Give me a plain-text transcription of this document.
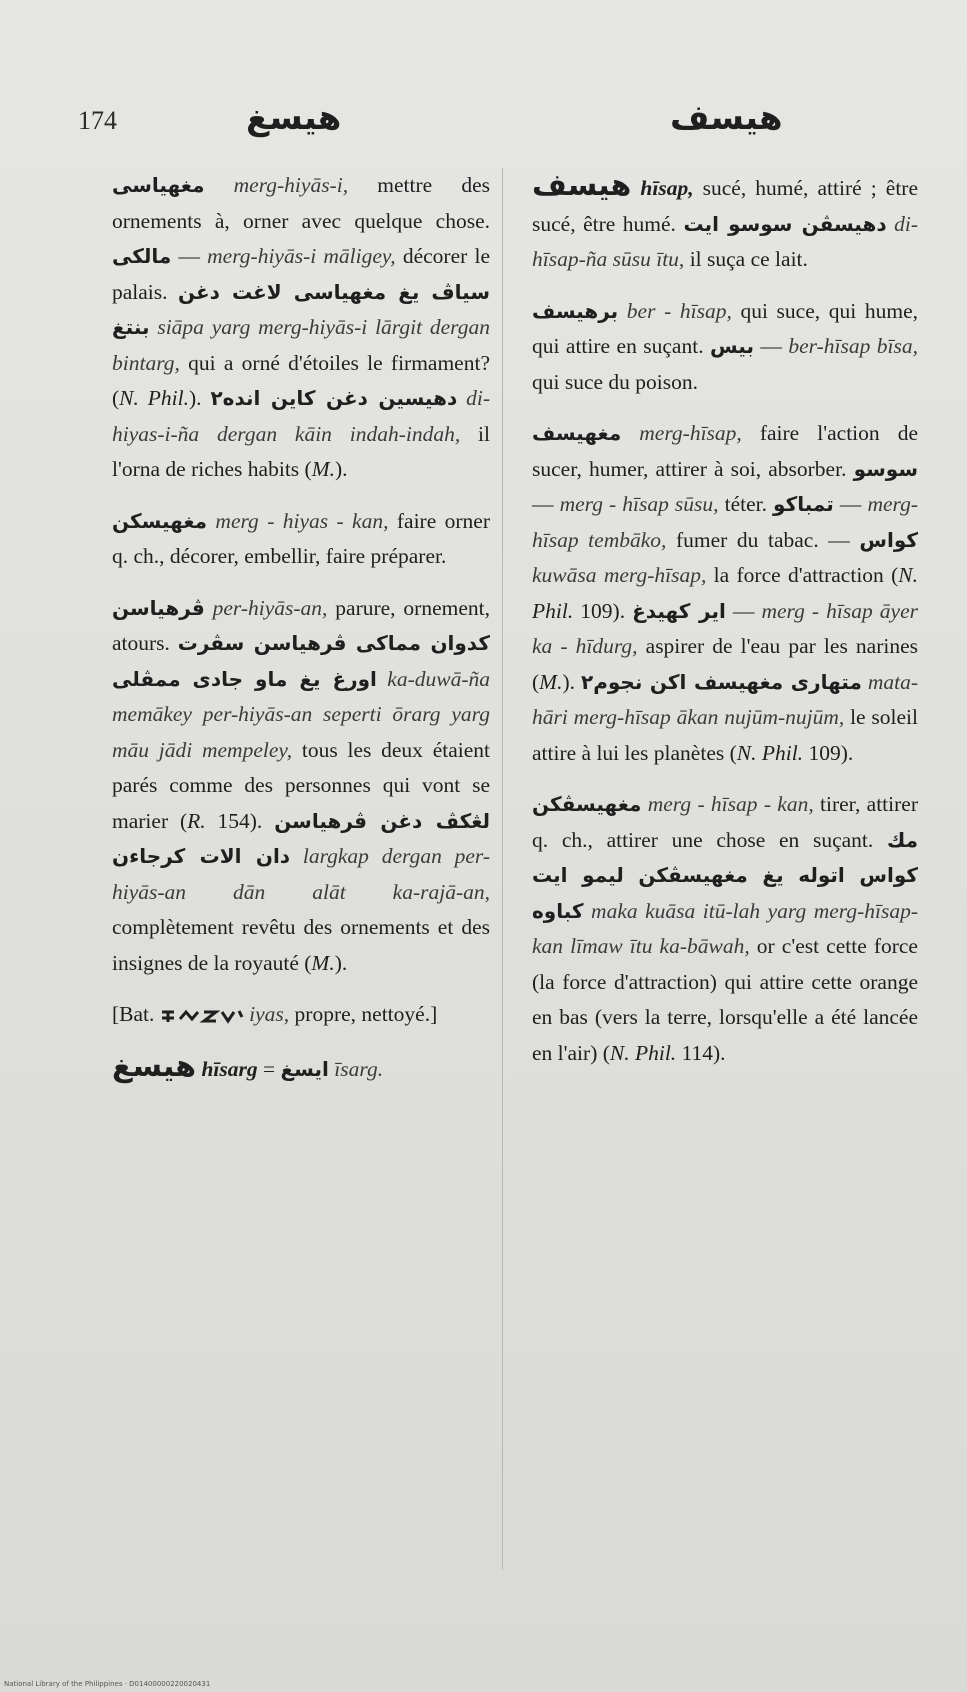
174	هيسغ	هيسف

مغهياسى merg-hiyās-i, mettre des ornements à, orner avec quelque chose. مالكى — merg-hiyās-i māligey, décorer le palais. سياڤ يغ مغهياسى لاغت دغن بنتغ siāpa yarg merg-hiyās-i lārgit dergan bintarg, qui a orné d'étoiles le firmament? (N. Phil.). دهيسين دغن كاين انده٢ di-hiyas-i-ña dergan kāin indah-indah, il l'orna de riches habits (M.).

مغهيسكن merg - hiyas - kan, faire orner q. ch., décorer, embellir, faire préparer.

ڤرهياسن per-hiyās-an, parure, ornement, atours. كدوان مماكى ڤرهياسن سڤرت اورغ يغ ماو جادى ممڤلى ka-duwā-ña memākey per-hiyās-an seperti ōrarg yarg māu jādi mempeley, tous les deux étaient parés comme des personnes qui vont se marier (R. 154). لڠكڤ دغن ڤرهياسن دان الات كرجاءن largkap dergan per-hiyās-an dān alāt ka-rajā-an, complètement revêtu des ornements et des insignes de la royauté (M.).

[Bat.	iyas, propre, nettoyé.]

هيسغ hīsarg = ايسغ īsarg.

هيسف hīsap, sucé, humé, attiré ; être sucé, être humé. دهيسڤن سوسو ايت di-hīsap-ña sūsu ītu, il suça ce lait.

برهيسف ber - hīsap, qui suce, qui hume, qui attire en suçant. بيس — ber-hīsap bīsa, qui suce du poison.

مغهيسف merg-hīsap, faire l'action de sucer, humer, attirer à soi, absorber. سوسو — merg - hīsap sūsu, téter. تمباكو — merg-hīsap tembāko, fumer du tabac. — كواس kuwāsa merg-hīsap, la force d'attraction (N. Phil. 109). اير كهيدغ — merg - hīsap āyer ka - hīdurg, aspirer de l'eau par les narines (M.). متهارى مغهيسف اكن نجوم٢ mata-hāri merg-hīsap ākan nujūm-nujūm, le soleil attire à lui les planètes (N. Phil. 109).

مغهيسڤكن merg - hīsap - kan, tirer, attirer q. ch., attirer une chose en suçant. مك كواس اتوله يغ مغهيسڤكن ليمو ايت كباوه maka kuāsa itū-lah yarg merg-hīsap-kan līmaw ītu ka-bāwah, or c'est cette force (la force d'attraction) qui attire cette orange en bas (vers la terre, lorsqu'elle a été lancée en l'air) (N. Phil. 114).

National Library of the Philippines · D01400000220020431
